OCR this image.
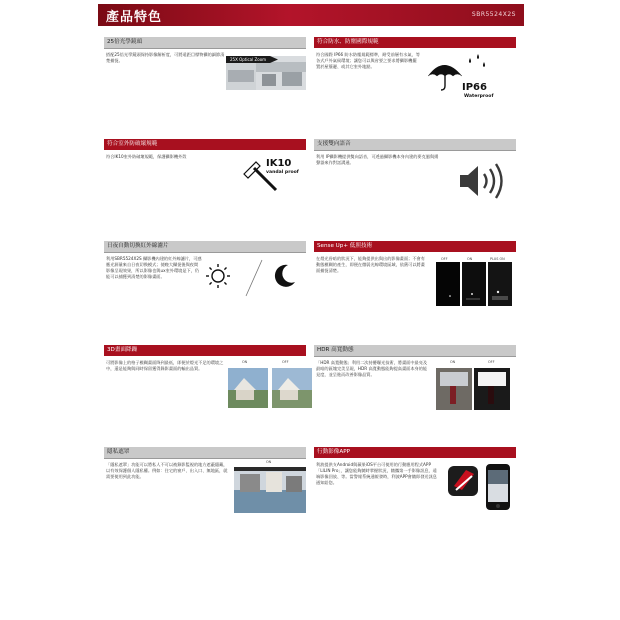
產品特色	SBR5524X2S
25倍光學鏡頭
搭配25倍光學鏡頭保持影像解析度，可將遠距目標物攝的細節清楚捕捉。	25X Optical Zoom
符合防水、防塵國際規範
符合國際 IP66 防水防塵規範標準，耐受前層有水氣，等各式戶外氣候環境；讓您可以與省要之要求將攝影機擺置於屋簷邊、或其它室外地點。
IP66
Waterproof
符合室外防破壞規範
符合IK10室外防破壞規範，保護攝影機外殼
IK10
vandal proof
支援雙向語音
利用 IP攝影機提供雙向語音，可透過攝影機本身內建的麥克風與揚聲器來作對話溝通。
日夜自動切換紅外線濾片
利用SBR5524X2S 攝影機內建的紅外線濾片，可感應光源量來自日夜切換模式；使晚大攝捉後與夜間影像呈現效果，所以影像也與ux室外環境是下，仍能可以捕獲到清楚的影像畫面。
Sense Up+ 低照技術
在燈光昏暗的狀況下，能夠提供出與出的影像畫面；不會有動態模糊的產生，即便在微弱光線環境區域，依舊可以將畫面捕捉清楚。
OFF	ON	PLUS ON
3D畫面降躁
可將影像上的格子模糊畫面降到最低，即便於燈光不足的環境之中，還是能夠與同時保留獲得錄影畫面的輸出品質。
ON	OFF
HDR 高寬動態
「HDR 高寬動態」利用二次持擾曝光技術，將畫面中最亮及最暗的區塊完美呈現，HDR 高寬動態能夠提高畫面本身的能見度，並呈進而改善影像品質。
ON	OFF
隱私遮罩
「隱私遮罩」功能可以將私人不可以被錄影監視的地方遮蔽隱藏，以有效保護個人隱私權。例如：住宅的窗戶、出入口、無地區，就需要使用到此功能。
ON
行動影像APP
利波提供支Android與蘋果iOS平台可使用的行動應用程式APP「LILIN Pro」，讓您能夠隨時掌握狀況，隨攜第一手影像訊息，遠端影像回放、等。當警報系統通報發時，利波APP會隨即發送訊息通知給您。
